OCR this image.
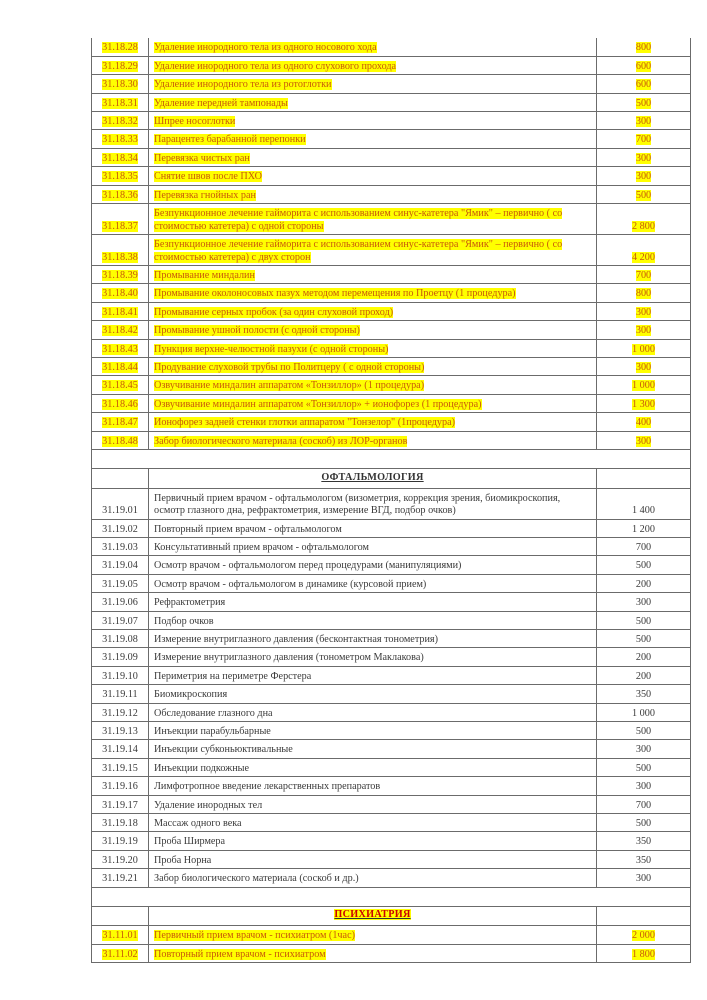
31.18.28	Удаление инородного тела из одного носового хода	800
31.18.29	Удаление инородного тела из одного слухового прохода	600
31.18.30	Удаление инородного тела из ротоглотки	600
31.18.31	Удаление передней тампонады	500
31.18.32	Шпрее носоглотки	300
31.18.33	Парацентез барабанной перепонки	700
31.18.34	Перевязка чистых ран	300
31.18.35	Снятие швов после ПХО	300
31.18.36	Перевязка гнойных ран	500
31.18.37	Безпункционное лечение гайморита с использованием синус-катетера "Ямик" – первично ( со
стоимостью катетера) с одной стороны	2 800
31.18.38	Безпункционное лечение гайморита с использованием синус-катетера "Ямик" – первично ( со
стоимостью катетера) с двух сторон	4 200
31.18.39	Промывание миндалин	700
31.18.40	Промывание околоносовых пазух методом перемещения по Проетцу (1 процедура)	800
31.18.41	Промывание серных пробок (за один слуховой проход)	300
31.18.42	Промывание ушной полости (с одной стороны)	300
31.18.43	Пункция верхне-челюстной пазухи (с одной стороны)	1 000
31.18.44	Продувание слуховой трубы по Политцеру ( с одной стороны)	300
31.18.45	Озвучивание миндалин аппаратом «Тонзиллор» (1 процедура)	1 000
31.18.46	Озвучивание миндалин аппаратом «Тонзиллор» + ионофорез (1 процедура)	1 300
31.18.47	Ионофорез задней стенки глотки аппаратом "Тонзелор" (1процедура)	400
31.18.48	Забор биологического материала (соскоб) из ЛОР-органов	300

	ОФТАЛЬМОЛОГИЯ	
31.19.01	Первичный прием врачом - офтальмологом (визометрия, коррекция зрения, биомикроскопия,
осмотр глазного дна, рефрактометрия, измерение ВГД, подбор очков)	1 400
31.19.02	Повторный прием врачом - офтальмологом	1 200
31.19.03	Консультативный прием врачом - офтальмологом	700
31.19.04	Осмотр врачом - офтальмологом перед процедурами (манипуляциями)	500
31.19.05	Осмотр врачом - офтальмологом в динамике (курсовой прием)	200
31.19.06	Рефрактометрия	300
31.19.07	Подбор очков	500
31.19.08	Измерение внутриглазного давления (бесконтактная тонометрия)	500
31.19.09	Измерение внутриглазного давления (тонометром Маклакова)	200
31.19.10	Периметрия на периметре Ферстера	200
31.19.11	Биомикроскопия	350
31.19.12	Обследование глазного дна	1 000
31.19.13	Инъекции парабульбарные	500
31.19.14	Инъекции субконьюктивальные	300
31.19.15	Инъекции подкожные	500
31.19.16	Лимфотропное введение лекарственных препаратов	300
31.19.17	Удаление инородных тел	700
31.19.18	Массаж одного века	500
31.19.19	Проба Ширмера	350
31.19.20	Проба Норна	350
31.19.21	Забор биологического материала (соскоб и др.)	300

	ПСИХИАТРИЯ	
31.11.01	Первичный прием врачом - психиатром (1час)	2 000
31.11.02	Повторный прием врачом - психиатром	1 800
